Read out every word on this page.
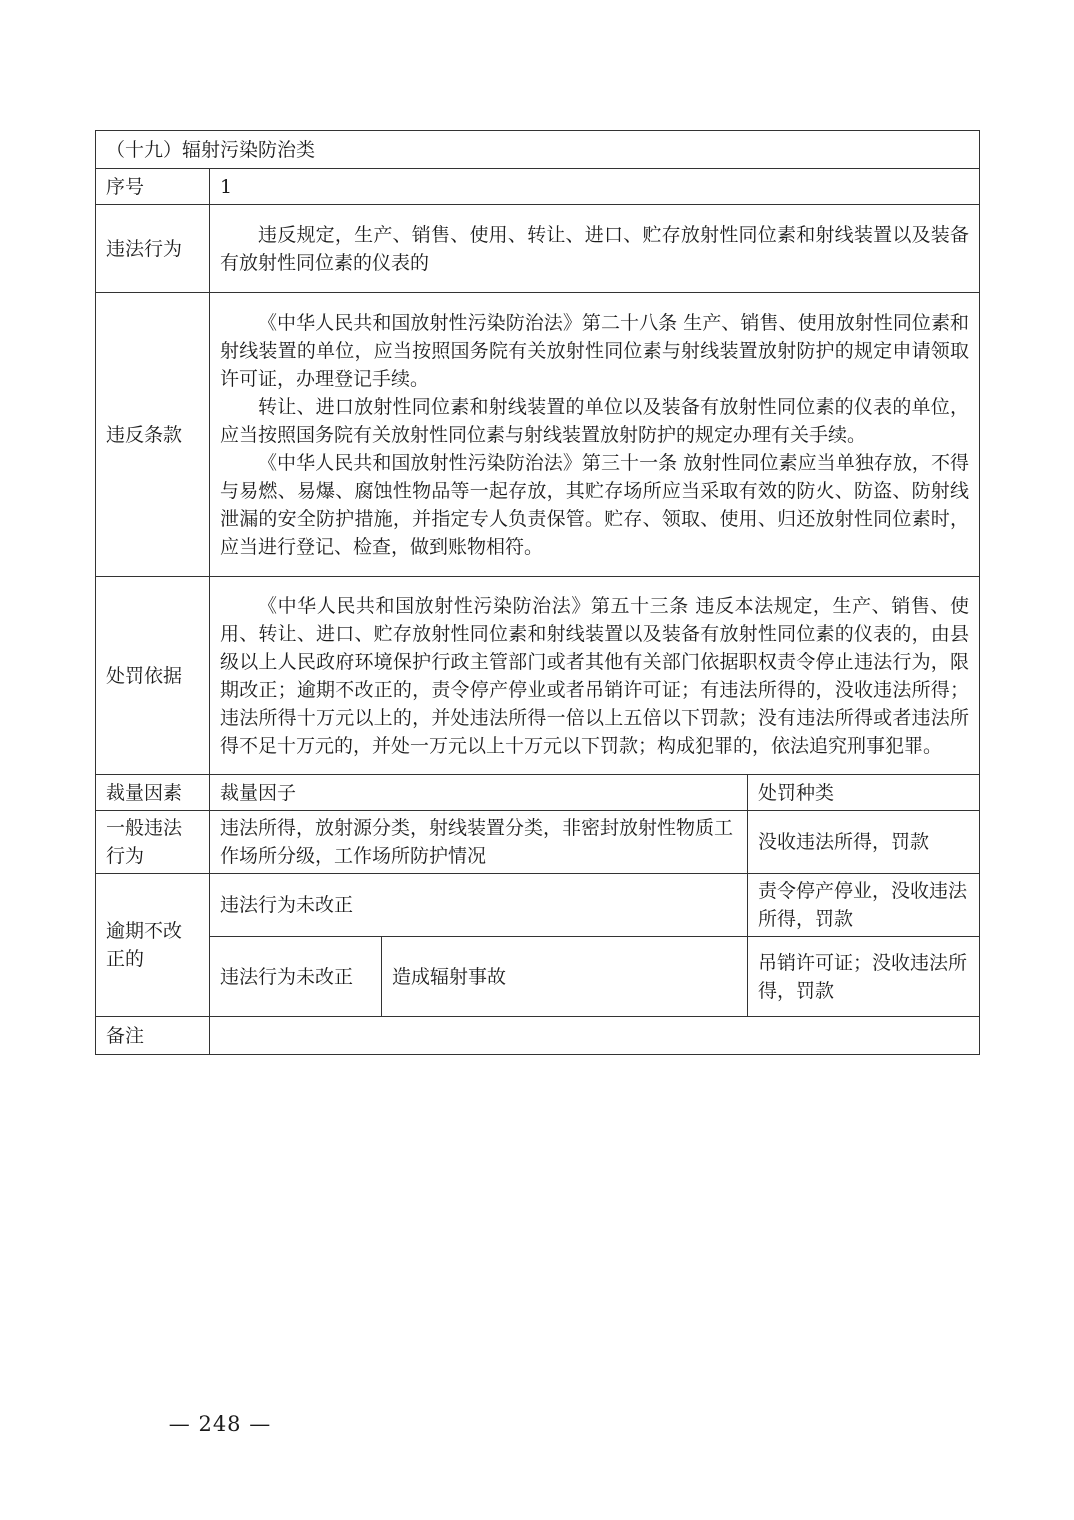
（十九）辐射污染防治类			
序号	1		
违法行为	违反规定，生产、销售、使用、转让、进口、贮存放射性同位素和射线装置以及装备有放射性同位素的仪表的		

违反条款	《中华人民共和国放射性污染防治法》第二十八条 生产、销售、使用放射性同位素和射线装置的单位，应当按照国务院有关放射性同位素与射线装置放射防护的规定申请领取许可证，办理登记手续。

转让、进口放射性同位素和射线装置的单位以及装备有放射性同位素的仪表的单位，应当按照国务院有关放射性同位素与射线装置放射防护的规定办理有关手续。

《中华人民共和国放射性污染防治法》第三十一条 放射性同位素应当单独存放，不得与易燃、易爆、腐蚀性物品等一起存放，其贮存场所应当采取有效的防火、防盗、防射线泄漏的安全防护措施，并指定专人负责保管。贮存、领取、使用、归还放射性同位素时，应当进行登记、检查，做到账物相符。		

处罚依据	《中华人民共和国放射性污染防治法》第五十三条 违反本法规定，生产、销售、使用、转让、进口、贮存放射性同位素和射线装置以及装备有放射性同位素的仪表的，由县级以上人民政府环境保护行政主管部门或者其他有关部门依据职权责令停止违法行为，限期改正；逾期不改正的，责令停产停业或者吊销许可证；有违法所得的，没收违法所得；违法所得十万元以上的，并处违法所得一倍以上五倍以下罚款；没有违法所得或者违法所得不足十万元的，并处一万元以上十万元以下罚款；构成犯罪的，依法追究刑事犯罪。		

裁量因素	裁量因子		处罚种类
一般违法行为	违法所得，放射源分类，射线装置分类，非密封放射性物质工作场所分级，工作场所防护情况		没收违法所得，罚款
逾期不改正的	违法行为未改正		责令停产停业，没收违法所得，罚款
	违法行为未改正	造成辐射事故	吊销许可证；没收违法所得，罚款
备注			
— 248 —
